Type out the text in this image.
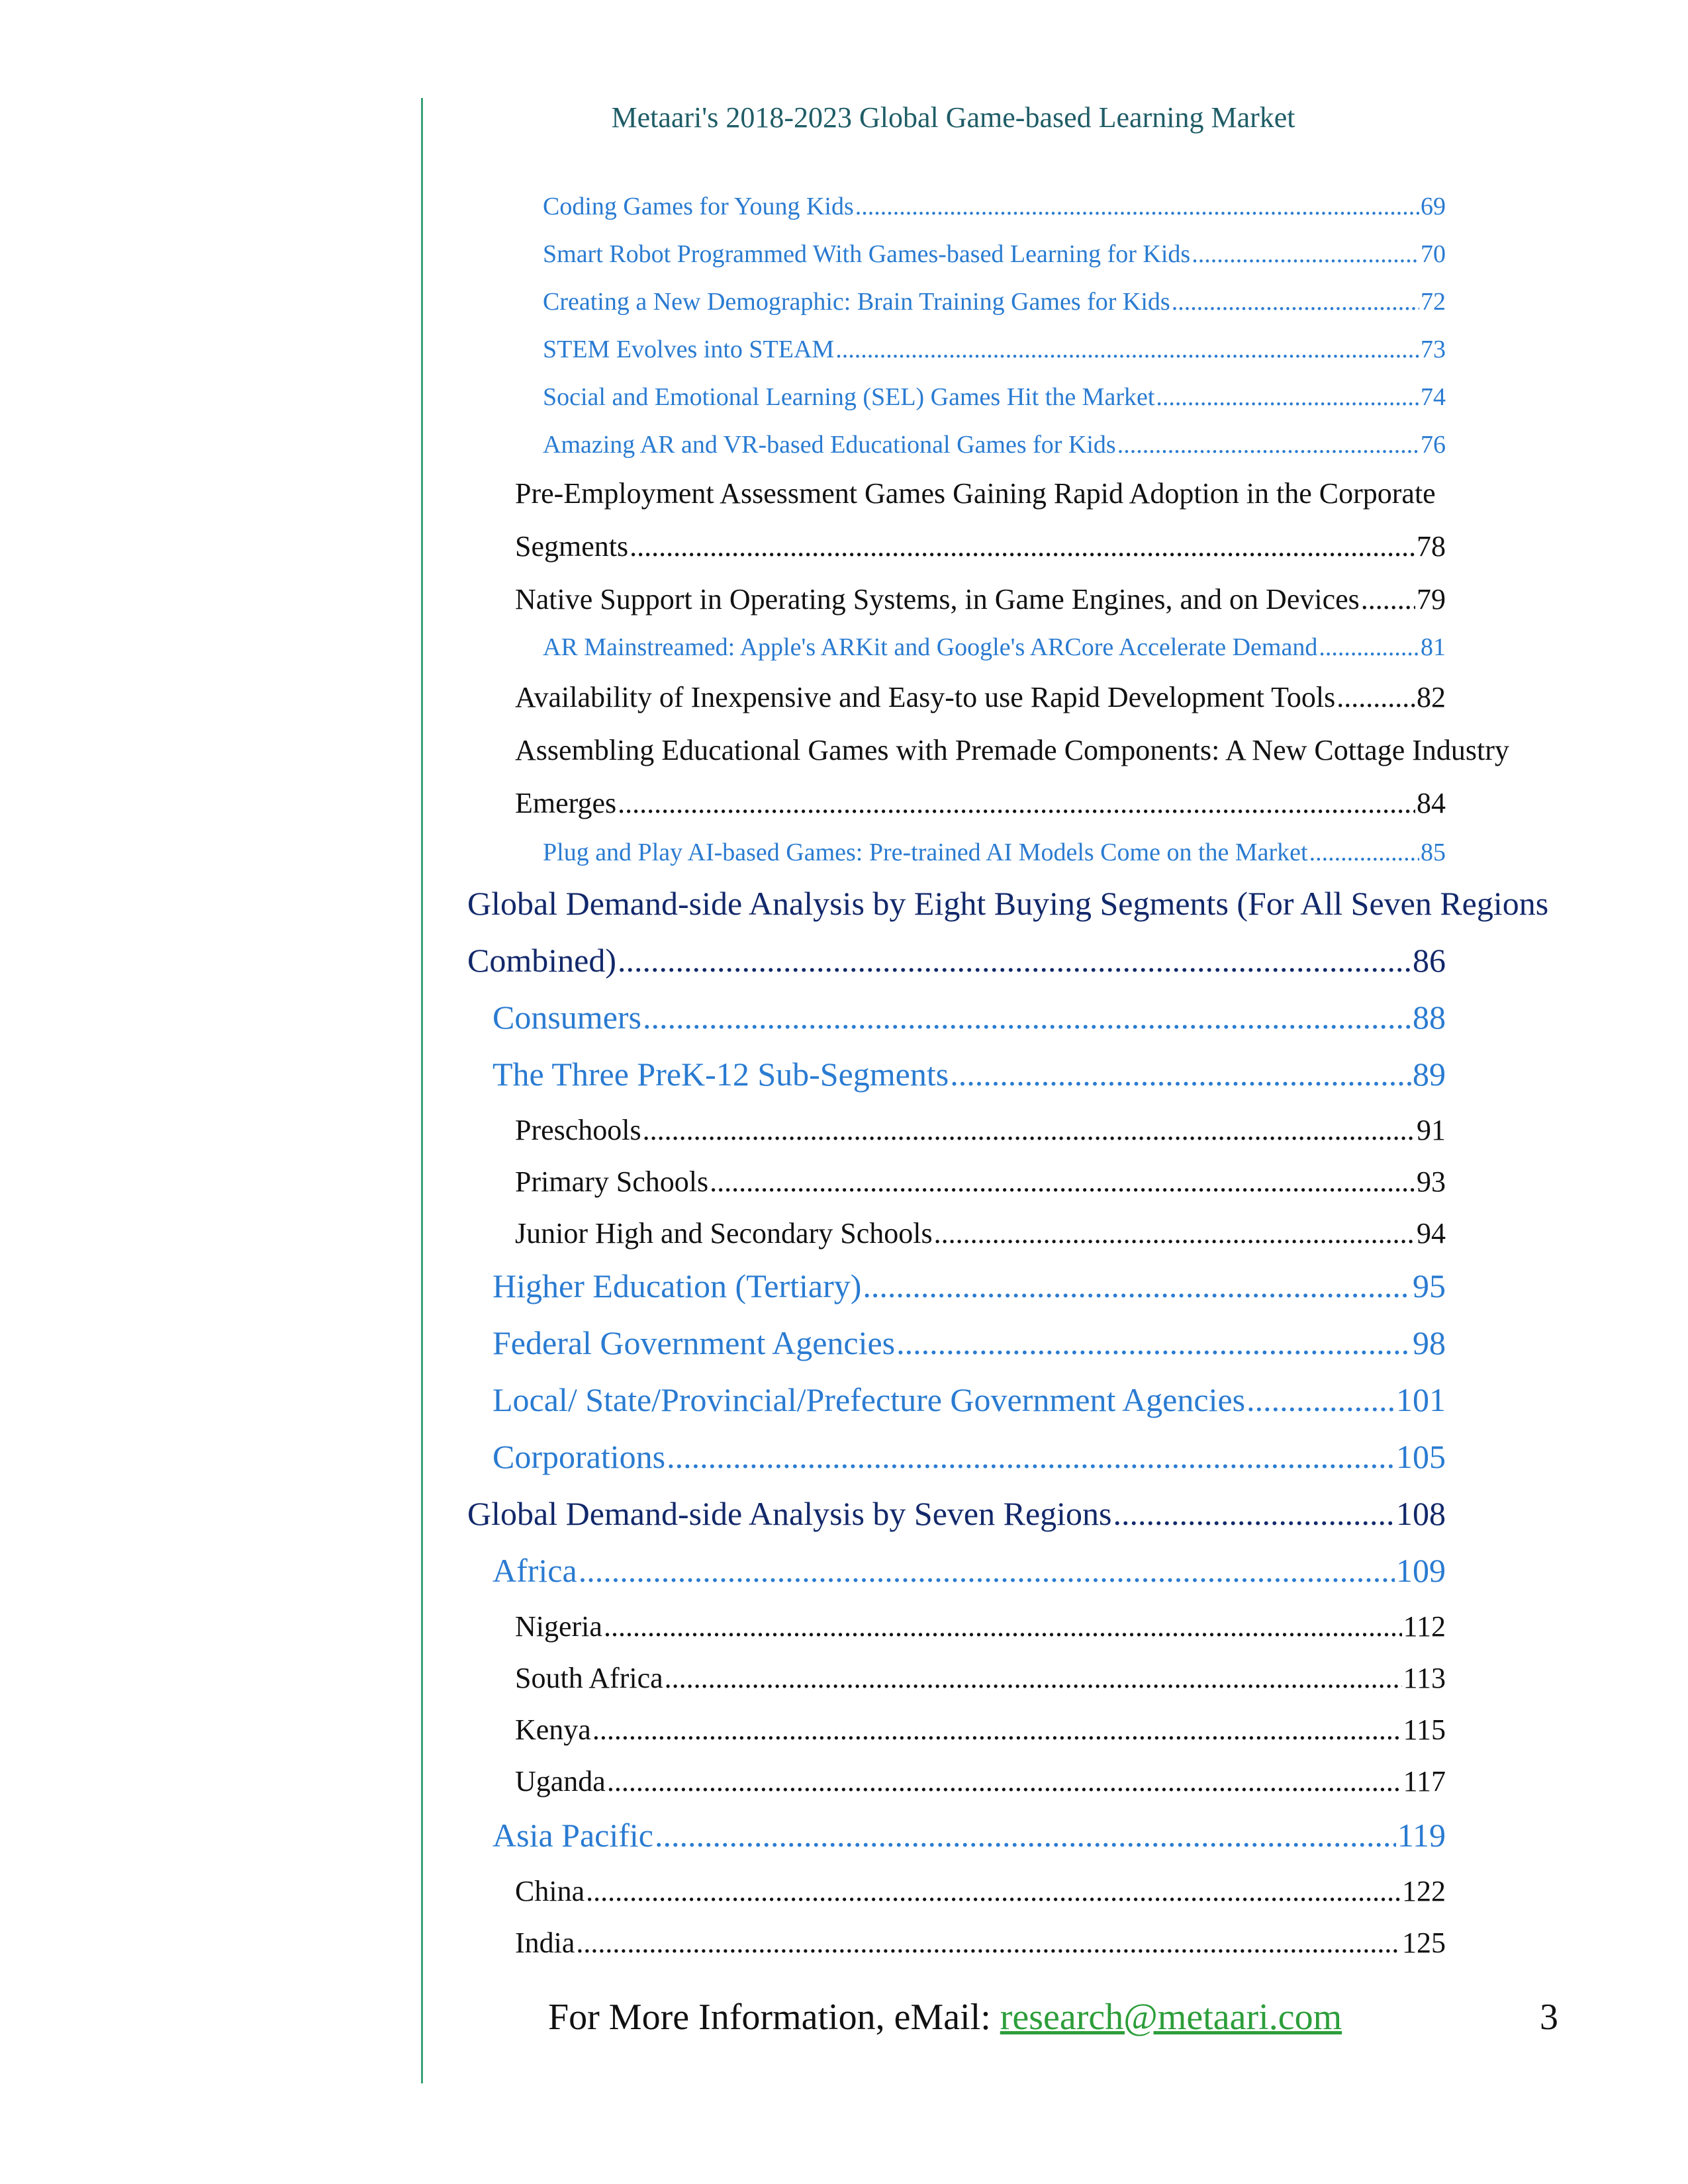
Metaari's 2018-2023 Global Game-based Learning Market
Coding Games for Young Kids .....	69
Smart Robot Programmed With Games-based Learning for Kids .....	70
Creating a New Demographic: Brain Training Games for Kids .....	72
STEM Evolves into STEAM .....	73
Social and Emotional Learning (SEL) Games Hit the Market .....	74
Amazing AR and VR-based Educational Games for Kids .....	76
Pre-Employment Assessment Games Gaining Rapid Adoption in the Corporate
Segments .....	78
Native Support in Operating Systems, in Game Engines, and on Devices ..... 79
AR Mainstreamed: Apple's ARKit and Google's ARCore Accelerate Demand .....	81
Availability of Inexpensive and Easy-to use Rapid Development Tools .....	82
Assembling Educational Games with Premade Components: A New Cottage Industry
Emerges .....	84
Plug and Play AI-based Games: Pre-trained AI Models Come on the Market .....	85
Global Demand-side Analysis by Eight Buying Segments (For All Seven Regions
Combined) .....	86
Consumers .....	88
The Three PreK-12 Sub-Segments .....	89
Preschools .....	91
Primary Schools .....	93
Junior High and Secondary Schools .....	94
Higher Education (Tertiary) .....	95
Federal Government Agencies .....	98
Local/ State/Provincial/Prefecture Government Agencies .....	101
Corporations .....	105
Global Demand-side Analysis by Seven Regions .....	108
Africa .....	109
Nigeria .....	112
South Africa .....	113
Kenya .....	115
Uganda .....	117
Asia Pacific .....	119
China .....	122
India .....	125
For More Information, eMail: research@metaari.com	3
